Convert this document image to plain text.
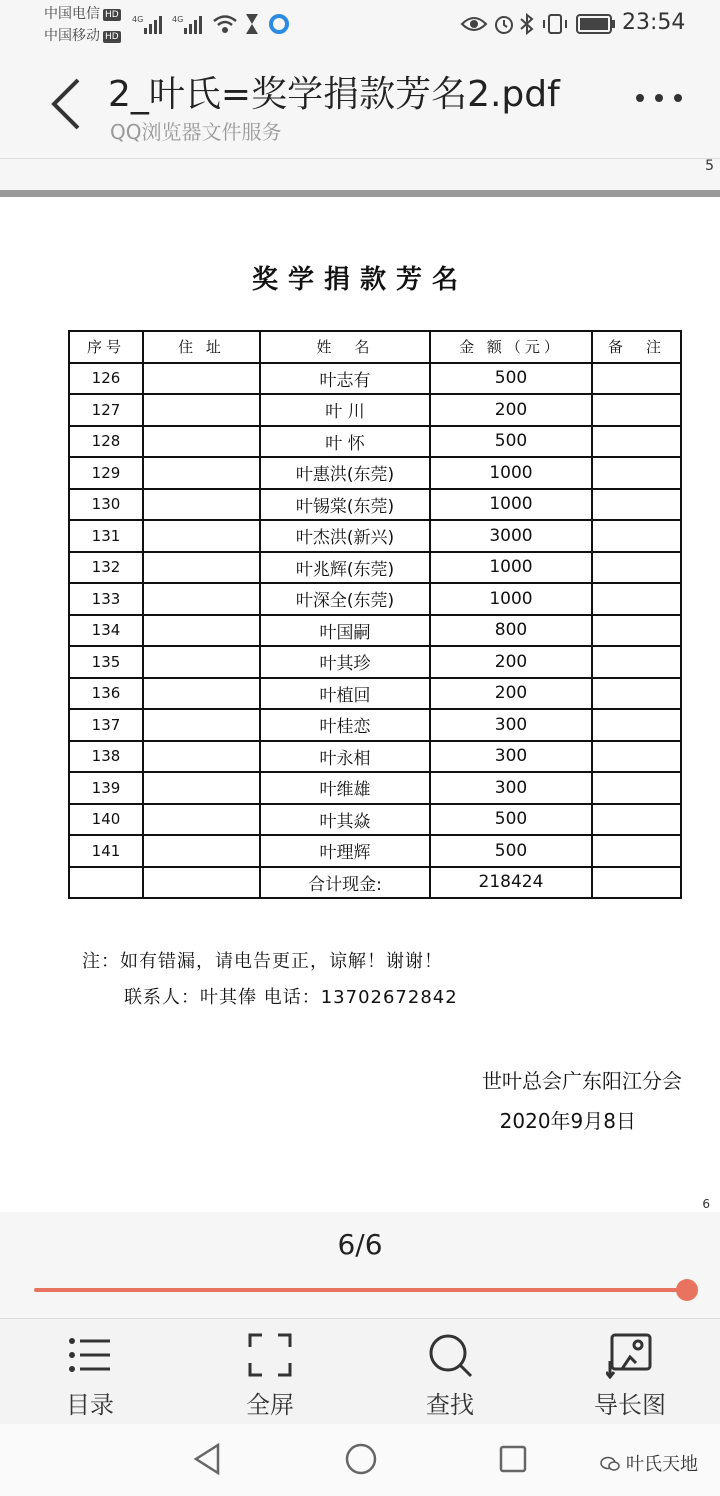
中国电信 HD
中国移动 HD
4G	4G	23:54
2_叶氏=奖学捐款芳名2.pdf
QQ浏览器文件服务
5
奖学捐款芳名
序号	住 址	姓　名	金 额（元）	备　注
126		叶志有	500	
127		叶 川	200	
128		叶 怀	500	
129		叶惠洪(东莞)	1000	
130		叶锡棠(东莞)	1000	
131		叶杰洪(新兴)	3000	
132		叶兆辉(东莞)	1000	
133		叶深全(东莞)	1000	
134		叶国嗣	800	
135		叶其珍	200	
136		叶植回	200	
137		叶桂恋	300	
138		叶永相	300	
139		叶维雄	300	
140		叶其焱	500	
141		叶理辉	500	
		合计现金:	218424	
注：如有错漏，请电告更正，谅解！谢谢！
联系人：叶其俸 电话：13702672842
世叶总会广东阳江分会
2020年9月8日
6
6/6
目录	全屏	查找	导长图
叶氏天地
